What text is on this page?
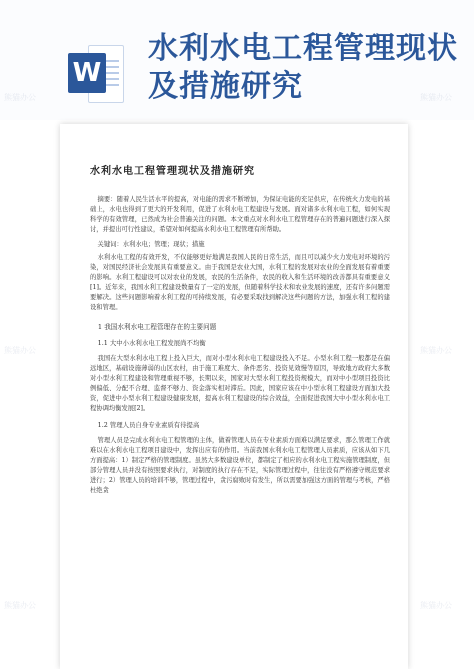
W
水利水电工程管理现状及措施研究

水利水电工程管理现状及措施研究

摘要：随着人民生活水平的提高，对电能的需求不断增加，为保证电能的充足供应，在传统火力发电的基础上，水电也得到了更大的开发利用，促进了水利水电工程建设与发展。面对诸多水利水电工程，如何实现科学的有效管理，已然成为社会普遍关注的问题。本文重点对水利水电工程管理存在的普遍问题进行深入探讨，并提出可行性建议，希望对如何提高水利水电工程管理有所帮助。

关键词：水利水电；管理；现状；措施

水利水电工程的有效开发，不仅能够更好地满足我国人民的日常生活，而且可以减少火力发电对环境的污染，对国民经济社会发展具有重要意义。由于我国是农业大国，水利工程的发展对农业的全面发展有着重要的影响。水利工程建设可以对农业的发展，农民的生活条件，农民的收入和生活环境的改善都具有重要意义[1]。近年来，我国水利工程建设数量有了一定的发展，但随着科学技术和农业发展的速度，还有许多问题需要解决。这些问题影响着水利工程的可持续发展，有必要采取找到解决这些问题的方法，加强水利工程的建设和管理。

1 我国水利水电工程管理存在的主要问题

1.1 大中小水利水电工程发展尚不均衡

我国在大型水利水电工程上投入巨大，而对小型水利水电工程建设投入不足。小型水利工程一般都是在偏远地区，基础设施薄弱的山区农村，由于施工难度大、条件恶劣、投资见效慢等原因，导致地方政府大多数对小型水利工程建设和管理重视不够，长期以来，国家对大型水利工程投资规模大，而对中小型项目投资比例偏低、分配不合理、监督不够力、资金落实相对滞后。因此，国家应该在中小型水利工程建设方面加大投资，促进中小型水利工程建设健康发展，提高水利工程建设的综合效益，全面促进我国大中小型水利水电工程协调均衡发展[2]。

1.2 管理人员自身专业素质有待提高

管理人员是完成水利水电工程管理的主体，做着管理人员在专业素质方面难以满足要求，那么管理工作就难以在水利水电工程项目建设中，发挥出应有的作用。当前我国水利水电工程管理人员素质，应该从如下几方面提高：1）制定严格的管理制度。虽然大多数建设单位，都制定了相应的水利水电工程实施管理制度，但部分管理人员并没有按照要求执行，对制度的执行存在不足，实际管理过程中，往往没有严格遵守规范要求进行；2）管理人员的培训不够，管理过程中，贪污腐败时有发生，所以需要加强这方面的管理与考核，严格杜绝贪

熊猫办公	熊猫办公
熊猫办公	熊猫办公
熊猫办公	熊猫办公
